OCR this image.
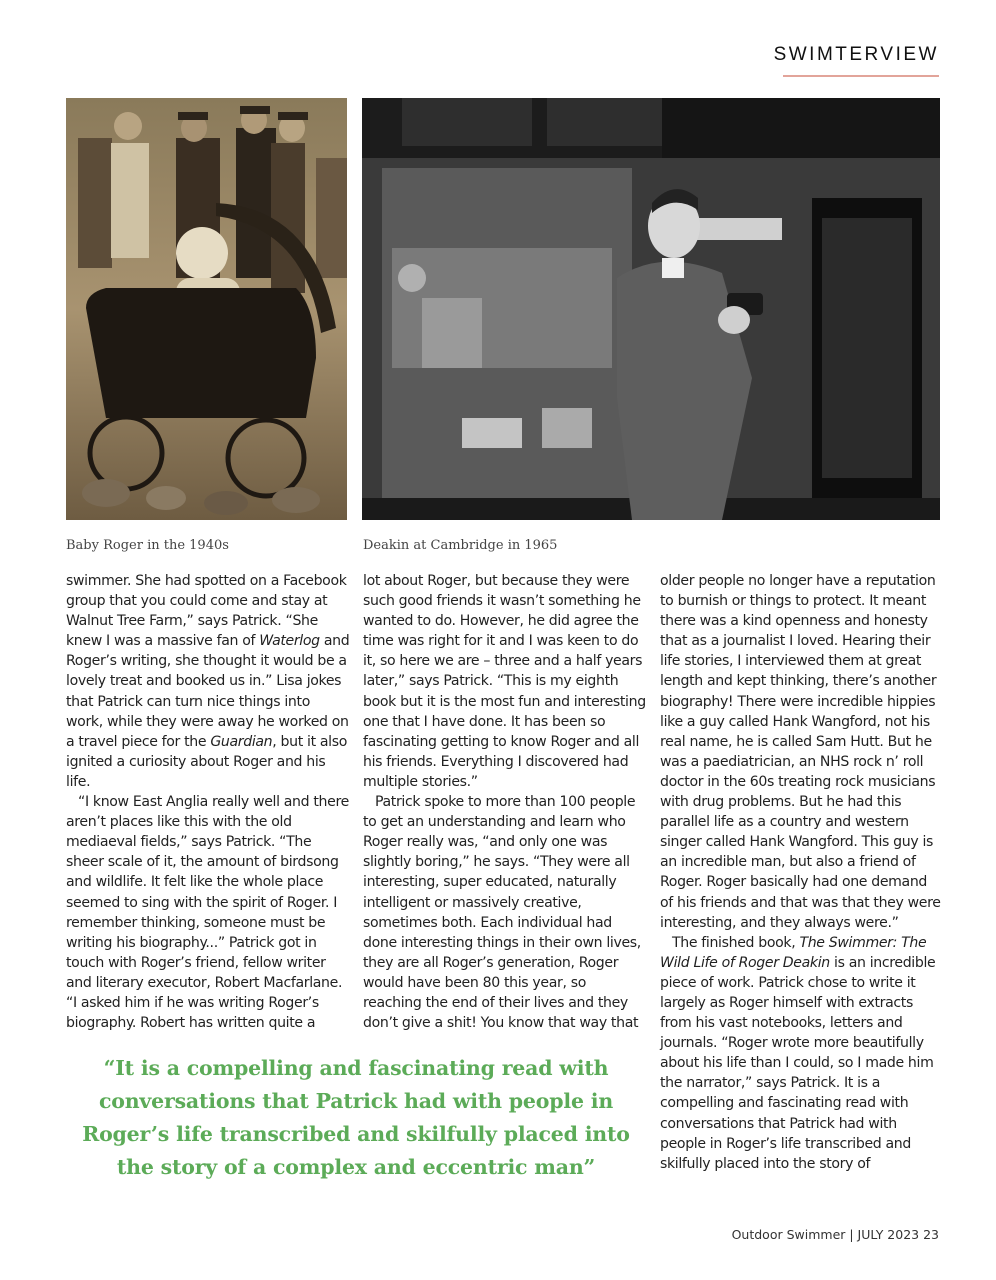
SWIMTERVIEW
Baby Roger in the 1940s	Deakin at Cambridge in 1965

swimmer. She had spotted on a Facebook group that you could come and stay at Walnut Tree Farm,” says Patrick. “She knew I was a massive fan of Waterlog and Roger’s writing, she thought it would be a lovely treat and booked us in.” Lisa jokes that Patrick can turn nice things into work, while they were away he worked on a travel piece for the Guardian, but it also ignited a curiosity about Roger and his life.

“I know East Anglia really well and there aren’t places like this with the old mediaeval fields,” says Patrick. “The sheer scale of it, the amount of birdsong and wildlife. It felt like the whole place seemed to sing with the spirit of Roger. I remember thinking, someone must be writing his biography...” Patrick got in touch with Roger’s friend, fellow writer and literary executor, Robert Macfarlane. “I asked him if he was writing Roger’s biography. Robert has written quite a

lot about Roger, but because they were such good friends it wasn’t something he wanted to do. However, he did agree the time was right for it and I was keen to do it, so here we are – three and a half years later,” says Patrick. “This is my eighth book but it is the most fun and interesting one that I have done. It has been so fascinating getting to know Roger and all his friends. Everything I discovered had multiple stories.”

Patrick spoke to more than 100 people to get an understanding and learn who Roger really was, “and only one was slightly boring,” he says. “They were all interesting, super educated, naturally intelligent or massively creative, sometimes both. Each individual had done interesting things in their own lives, they are all Roger’s generation, Roger would have been 80 this year, so reaching the end of their lives and they don’t give a shit! You know that way that

older people no longer have a reputation to burnish or things to protect. It meant there was a kind openness and honesty that as a journalist I loved. Hearing their life stories, I interviewed them at great length and kept thinking, there’s another biography! There were incredible hippies like a guy called Hank Wangford, not his real name, he is called Sam Hutt. But he was a paediatrician, an NHS rock n’ roll doctor in the 60s treating rock musicians with drug problems. But he had this parallel life as a country and western singer called Hank Wangford. This guy is an incredible man, but also a friend of Roger. Roger basically had one demand of his friends and that was that they were interesting, and they always were.”

The finished book, The Swimmer: The Wild Life of Roger Deakin is an incredible piece of work. Patrick chose to write it largely as Roger himself with extracts from his vast notebooks, letters and journals. “Roger wrote more beautifully about his life than I could, so I made him the narrator,” says Patrick. It is a compelling and fascinating read with conversations that Patrick had with people in Roger’s life transcribed and skilfully placed into the story of

“It is a compelling and fascinating read with conversations that Patrick had with people in Roger’s life transcribed and skilfully placed into the story of a complex and eccentric man”
Outdoor Swimmer | JULY 2023 23
